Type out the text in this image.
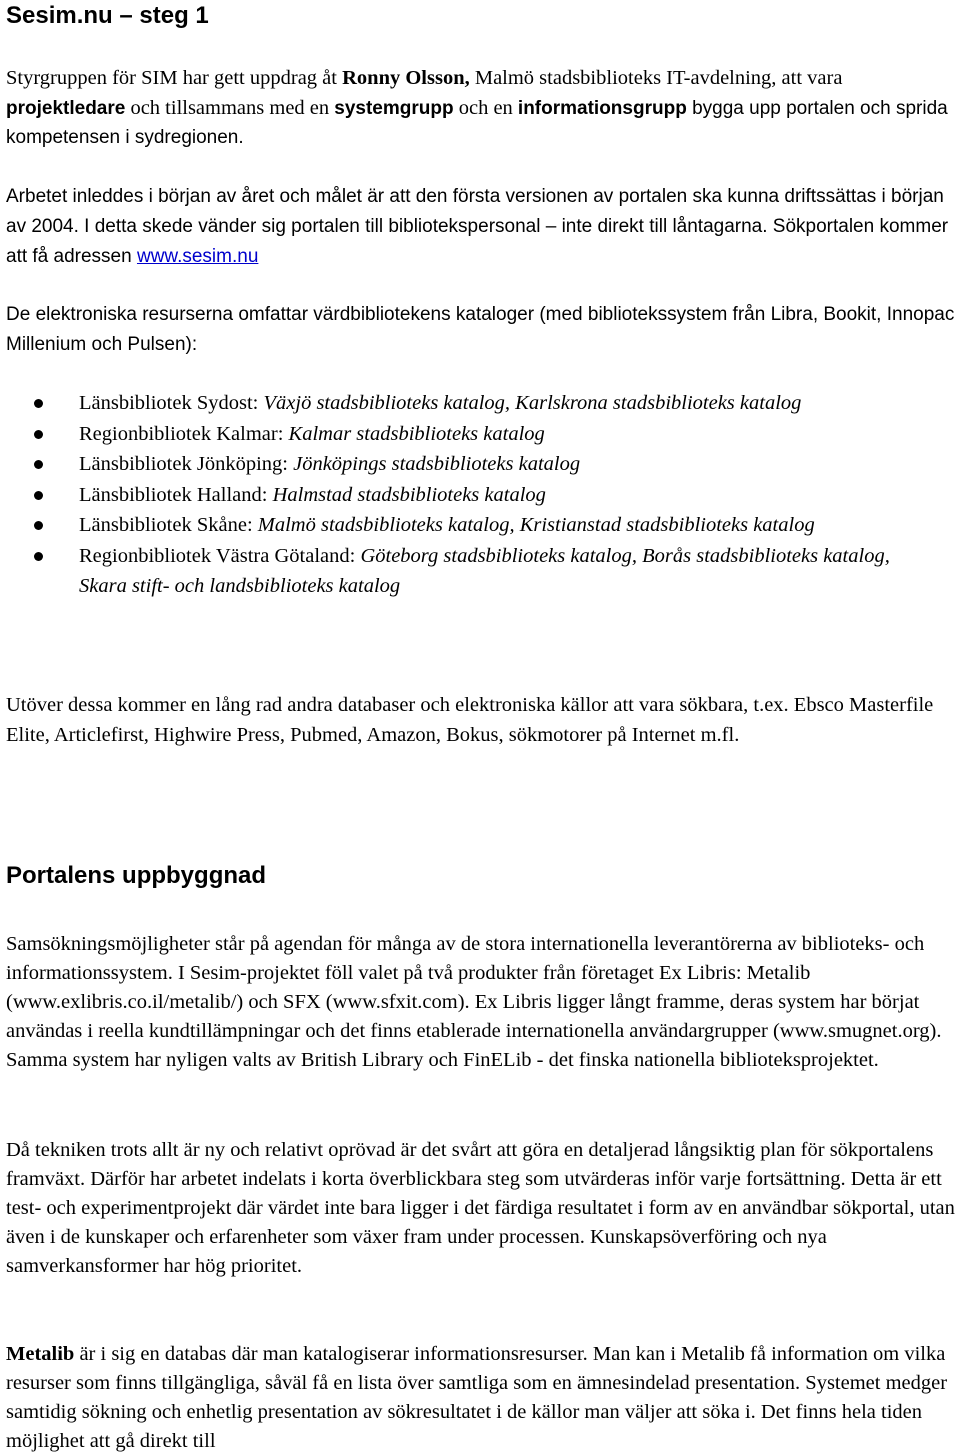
Sesim.nu – steg 1

Styrgruppen för SIM har gett uppdrag åt Ronny Olsson, Malmö stadsbiblioteks IT-avdelning, att vara projektledare och tillsammans med en systemgrupp och en informationsgrupp bygga upp portalen och sprida kompetensen i sydregionen.

Arbetet inleddes i början av året och målet är att den första versionen av portalen ska kunna driftssättas i början av 2004. I detta skede vänder sig portalen till bibliotekspersonal – inte direkt till låntagarna. Sökportalen kommer att få adressen www.sesim.nu

De elektroniska resurserna omfattar värdbibliotekens kataloger (med bibliotekssystem från Libra, Bookit, Innopac Millenium och Pulsen):

Länsbibliotek Sydost: Växjö stadsbiblioteks katalog, Karlskrona stadsbiblioteks katalog
Regionbibliotek Kalmar: Kalmar stadsbiblioteks katalog
Länsbibliotek Jönköping: Jönköpings stadsbiblioteks katalog
Länsbibliotek Halland: Halmstad stadsbiblioteks katalog
Länsbibliotek Skåne: Malmö stadsbiblioteks katalog, Kristianstad stadsbiblioteks katalog
Regionbibliotek Västra Götaland: Göteborg stadsbiblioteks katalog, Borås stadsbiblioteks katalog, Skara stift- och landsbiblioteks katalog

Utöver dessa kommer en lång rad andra databaser och elektroniska källor att vara sökbara, t.ex. Ebsco Masterfile Elite, Articlefirst, Highwire Press, Pubmed, Amazon, Bokus, sökmotorer på Internet m.fl.

Portalens uppbyggnad

Samsökningsmöjligheter står på agendan för många av de stora internationella leverantörerna av biblioteks- och informationssystem. I Sesim-projektet föll valet på två produkter från företaget Ex Libris: Metalib (www.exlibris.co.il/metalib/) och SFX (www.sfxit.com). Ex Libris ligger långt framme, deras system har börjat användas i reella kundtillämpningar och det finns etablerade internationella användargrupper (www.smugnet.org). Samma system har nyligen valts av British Library och FinELib - det finska nationella biblioteksprojektet.

Då tekniken trots allt är ny och relativt oprövad är det svårt att göra en detaljerad långsiktig plan för sökportalens framväxt. Därför har arbetet indelats i korta överblickbara steg som utvärderas inför varje fortsättning. Detta är ett test- och experimentprojekt där värdet inte bara ligger i det färdiga resultatet i form av en användbar sökportal, utan även i de kunskaper och erfarenheter som växer fram under processen. Kunskapsöverföring och nya samverkansformer har hög prioritet.

Metalib är i sig en databas där man katalogiserar informationsresurser. Man kan i Metalib få information om vilka resurser som finns tillgängliga, såväl få en lista över samtliga som en ämnesindelad presentation. Systemet medger samtidig sökning och enhetlig presentation av sökresultatet i de källor man väljer att söka i. Det finns hela tiden möjlighet att gå direkt till
